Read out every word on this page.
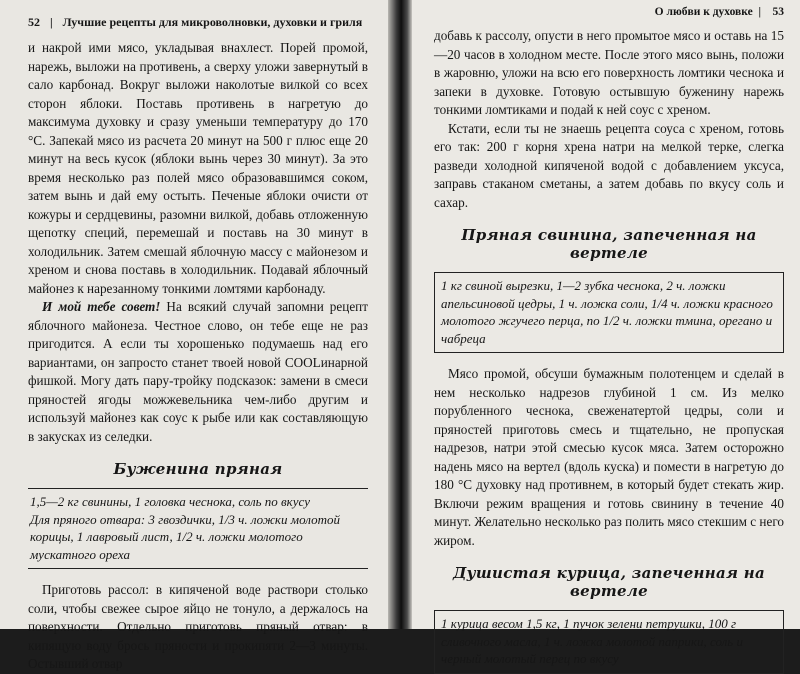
52 | Лучшие рецепты для микроволновки, духовки и гриля

и накрой ими мясо, укладывая внахлест. Порей промой, нарежь, выложи на противень, а сверху уложи завернутый в сало карбонад. Вокруг выложи наколотые вилкой со всех сторон яблоки. Поставь противень в нагретую до максимума духовку и сразу уменьши температуру до 170 °С. Запекай мясо из расчета 20 минут на 500 г плюс еще 20 минут на весь кусок (яблоки вынь через 30 минут). За это время несколько раз полей мясо образовавшимся соком, затем вынь и дай ему остыть. Печеные яблоки очисти от кожуры и сердцевины, разомни вилкой, добавь отложенную щепотку специй, перемешай и поставь на 30 минут в холодильник. Затем смешай яблочную массу с майонезом и хреном и снова поставь в холодильник. Подавай яблочный майонез к нарезанному тонкими ломтями карбонаду.

И мой тебе совет! На всякий случай запомни рецепт яблочного майонеза. Честное слово, он тебе еще не раз пригодится. А если ты хорошенько подумаешь над его вариантами, он запросто станет твоей новой COOLинарной фишкой. Могу дать пару-тройку подсказок: замени в смеси пряностей ягоды можжевельника чем-либо другим и используй майонез как соус к рыбе или как составляющую в закусках из селедки.

Буженина пряная
1,5—2 кг свинины, 1 головка чеснока, соль по вкусу
Для пряного отвара: 3 гвоздички, 1/3 ч. ложки молотой корицы, 1 лавровый лист, 1/2 ч. ложки молотого мускатного ореха

Приготовь рассол: в кипяченой воде раствори столько соли, чтобы свежее сырое яйцо не тонуло, а держалось на поверхности. Отдельно приготовь пряный отвар: в кипящую воду брось пряности и прокипяти 2—3 минуты. Остывший отвар

О любви к духовке  |    53

добавь к рассолу, опусти в него промытое мясо и оставь на 15—20 часов в холодном месте. После этого мясо вынь, положи в жаровню, уложи на всю его поверхность ломтики чеснока и запеки в духовке. Готовую остывшую буженину нарежь тонкими ломтиками и подай к ней соус с хреном.

Кстати, если ты не знаешь рецепта соуса с хреном, готовь его так: 200 г корня хрена натри на мелкой терке, слегка разведи холодной кипяченой водой с добавлением уксуса, заправь стаканом сметаны, а затем добавь по вкусу соль и сахар.

Пряная свинина, запеченная на вертеле
1 кг свиной вырезки, 1—2 зубка чеснока, 2 ч. ложки апельсиновой цедры, 1 ч. ложка соли, 1/4 ч. ложки красного молотого жгучего перца, по 1/2 ч. ложки тмина, орегано и чабреца

Мясо промой, обсуши бумажным полотенцем и сделай в нем несколько надрезов глубиной 1 см. Из мелко порубленного чеснока, свеженатертой цедры, соли и пряностей приготовь смесь и тщательно, не пропуская надрезов, натри этой смесью кусок мяса. Затем осторожно надень мясо на вертел (вдоль куска) и помести в нагретую до 180 °С духовку над противнем, в который будет стекать жир. Включи режим вращения и готовь свинину в течение 40 минут. Желательно несколько раз полить мясо стекшим с него жиром.

Душистая курица, запеченная на вертеле
1 курица весом 1,5 кг, 1 пучок зелени петрушки, 100 г сливочного масла, 1 ч. ложка молотой паприки, соль и черный молотый перец по вкусу
